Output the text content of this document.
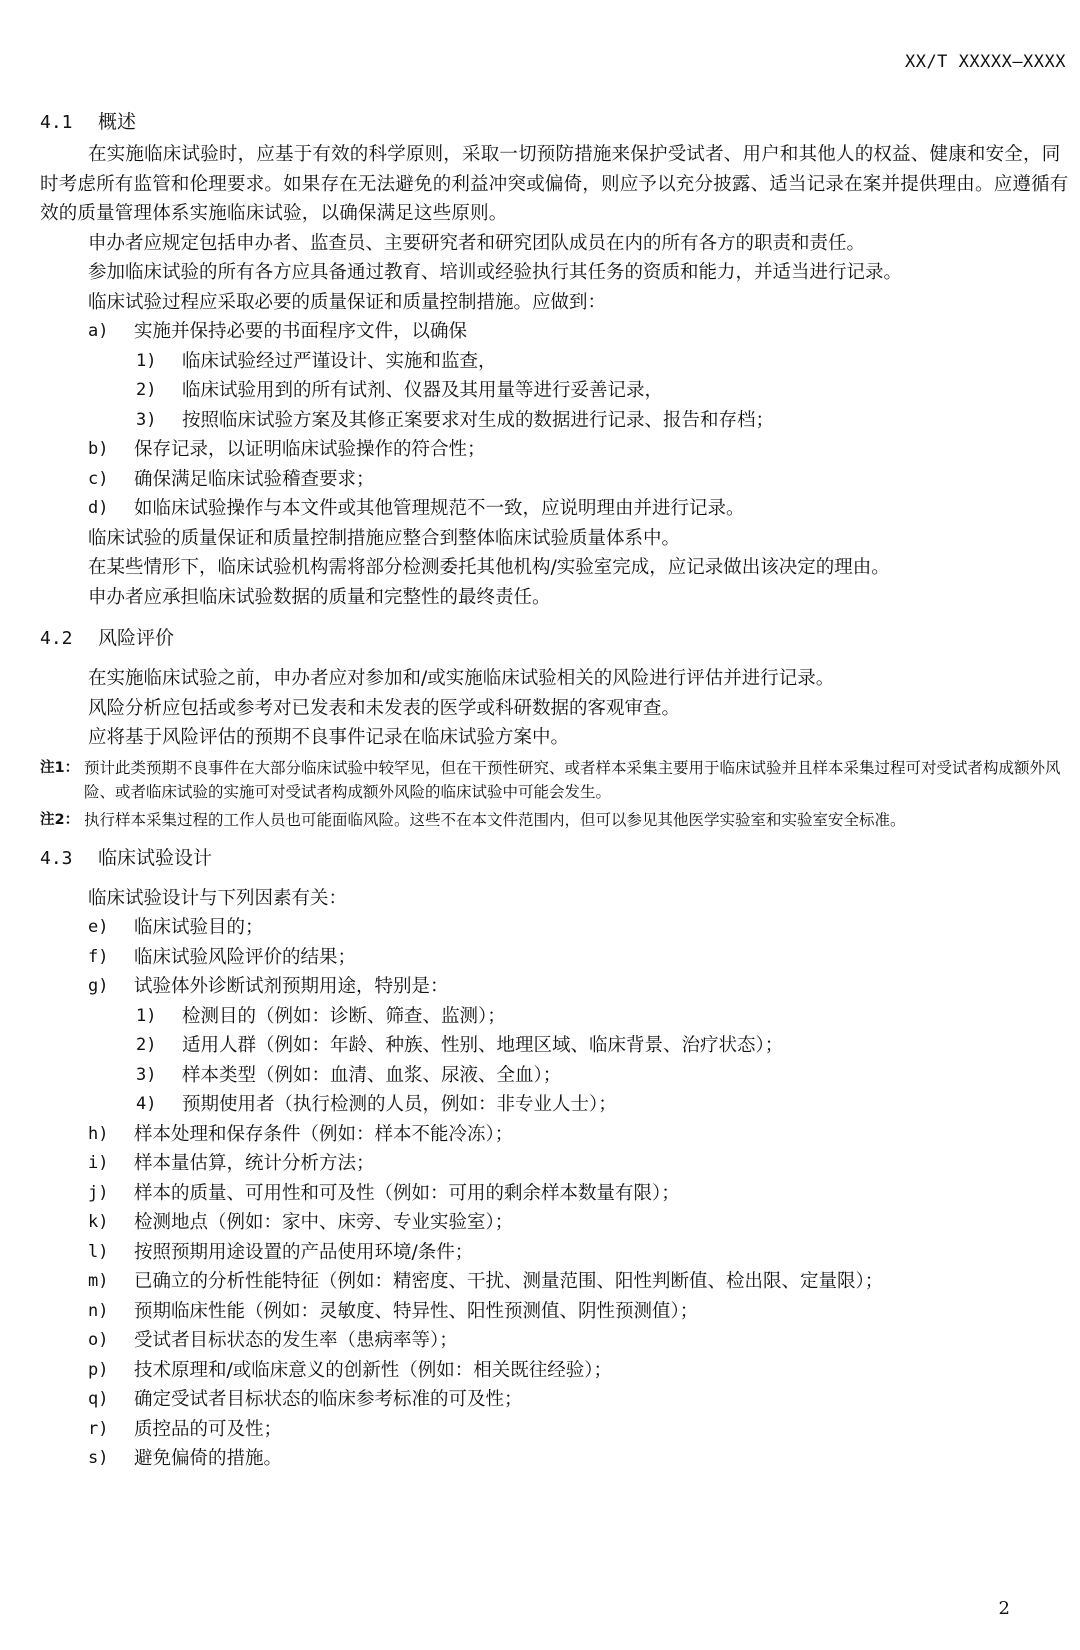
XX/T XXXXX—XXXX
4.1 概述
在实施临床试验时，应基于有效的科学原则，采取一切预防措施来保护受试者、用户和其他人的权益、健康和安全，同时考虑所有监管和伦理要求。如果存在无法避免的利益冲突或偏倚，则应予以充分披露、适当记录在案并提供理由。应遵循有效的质量管理体系实施临床试验，以确保满足这些原则。
申办者应规定包括申办者、监查员、主要研究者和研究团队成员在内的所有各方的职责和责任。
参加临床试验的所有各方应具备通过教育、培训或经验执行其任务的资质和能力，并适当进行记录。
临床试验过程应采取必要的质量保证和质量控制措施。应做到：
a)	实施并保持必要的书面程序文件，以确保
1)	临床试验经过严谨设计、实施和监查，
2)	临床试验用到的所有试剂、仪器及其用量等进行妥善记录，
3)	按照临床试验方案及其修正案要求对生成的数据进行记录、报告和存档；
b)	保存记录，以证明临床试验操作的符合性；
c)	确保满足临床试验稽查要求；
d)	如临床试验操作与本文件或其他管理规范不一致，应说明理由并进行记录。
临床试验的质量保证和质量控制措施应整合到整体临床试验质量体系中。
在某些情形下，临床试验机构需将部分检测委托其他机构/实验室完成，应记录做出该决定的理由。
申办者应承担临床试验数据的质量和完整性的最终责任。
4.2 风险评价
在实施临床试验之前，申办者应对参加和/或实施临床试验相关的风险进行评估并进行记录。
风险分析应包括或参考对已发表和未发表的医学或科研数据的客观审查。
应将基于风险评估的预期不良事件记录在临床试验方案中。
注1： 预计此类预期不良事件在大部分临床试验中较罕见，但在干预性研究、或者样本采集主要用于临床试验并且样本采集过程可对受试者构成额外风险、或者临床试验的实施可对受试者构成额外风险的临床试验中可能会发生。
注2： 执行样本采集过程的工作人员也可能面临风险。这些不在本文件范围内，但可以参见其他医学实验室和实验室安全标准。
4.3 临床试验设计
临床试验设计与下列因素有关：
e)	临床试验目的；
f)	临床试验风险评价的结果；
g)	试验体外诊断试剂预期用途，特别是：
1)	检测目的（例如：诊断、筛查、监测）；
2)	适用人群（例如：年龄、种族、性别、地理区域、临床背景、治疗状态）；
3)	样本类型（例如：血清、血浆、尿液、全血）；
4)	预期使用者（执行检测的人员，例如：非专业人士）；
h)	样本处理和保存条件（例如：样本不能冷冻）；
i)	样本量估算，统计分析方法；
j)	样本的质量、可用性和可及性（例如：可用的剩余样本数量有限）；
k)	检测地点（例如：家中、床旁、专业实验室）；
l)	按照预期用途设置的产品使用环境/条件；
m)	已确立的分析性能特征（例如：精密度、干扰、测量范围、阳性判断值、检出限、定量限）；
n)	预期临床性能（例如：灵敏度、特异性、阳性预测值、阴性预测值）；
o)	受试者目标状态的发生率（患病率等）；
p)	技术原理和/或临床意义的创新性（例如：相关既往经验）；
q)	确定受试者目标状态的临床参考标准的可及性；
r)	质控品的可及性；
s)	避免偏倚的措施。
2
